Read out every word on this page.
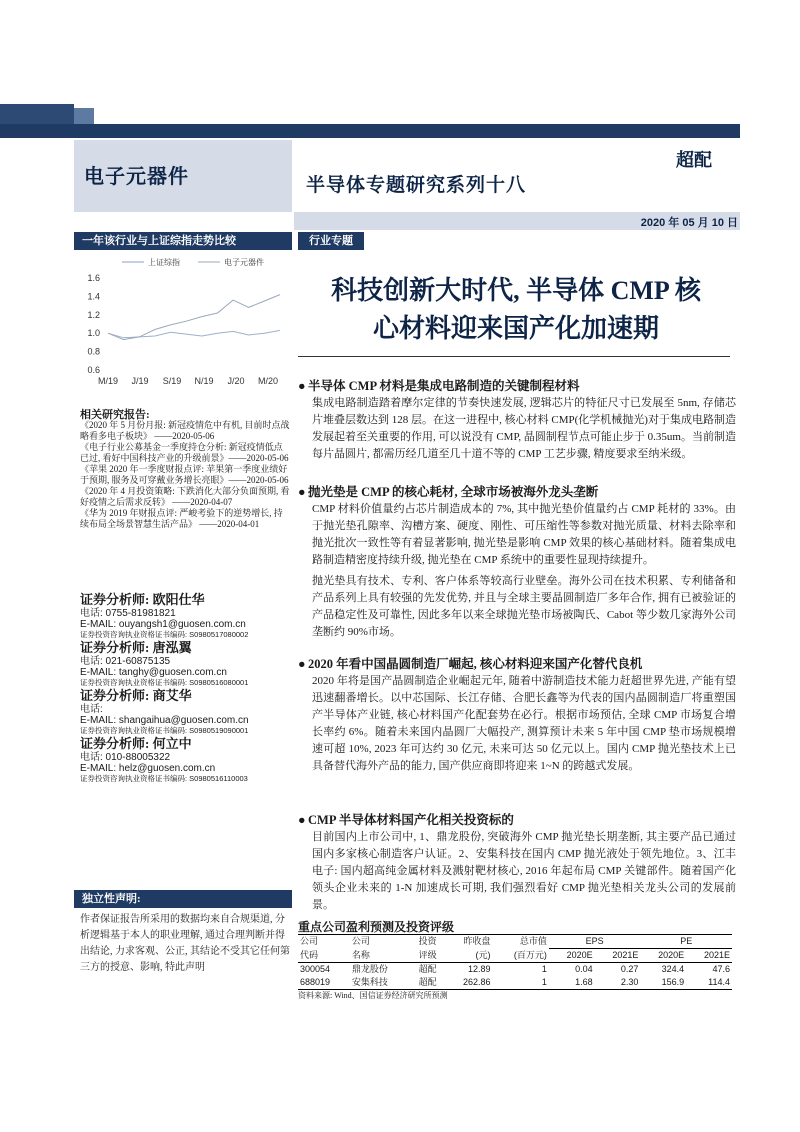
电子元器件	半导体专题研究系列十八
超配
2020 年 05 月 10 日
一年该行业与上证综指走势比较
上证综指	电子元器件
1.6
1.4
1.2
1.0
0.8
0.6
M/19 J/19 S/19 N/19 J/20 M/20
相关研究报告:

《2020 年 5 月份月报: 新冠疫情危中有机, 目前时点战略看多电子板块》 ——2020-05-06

《电子行业公募基金一季度持仓分析: 新冠疫情低点已过, 看好中国科技产业的升级前景》——2020-05-06

《苹果 2020 年一季度财报点评: 苹果第一季度业绩好于预期, 服务及可穿戴业务增长亮眼》——2020-05-06

《2020 年 4 月投资策略: 下跌消化大部分负面预期, 看好疫情之后需求反转》 ——2020-04-07

《华为 2019 年财报点评: 严峻考验下的逆势增长, 持续布局全场景智慧生活产品》 ——2020-04-01

证券分析师: 欧阳仕华
电话: 0755-81981821
E-MAIL: ouyangsh1@guosen.com.cn
证券投资咨询执业资格证书编码: S0980517080002
证券分析师: 唐泓翼
电话: 021-60875135
E-MAIL: tanghy@guosen.com.cn
证券投资咨询执业资格证书编码: S0980516080001
证券分析师: 商艾华
电话:
E-MAIL: shangaihua@guosen.com.cn
证券投资咨询执业资格证书编码: S0980519090001
证券分析师: 何立中
电话: 010-88005322
E-MAIL: helz@guosen.com.cn
证券投资咨询执业资格证书编码: S0980516110003
独立性声明:
作者保证报告所采用的数据均来自合规渠道, 分析逻辑基于本人的职业理解, 通过合理判断并得出结论, 力求客观、公正, 其结论不受其它任何第三方的授意、影响, 特此声明
行业专题
科技创新大时代, 半导体 CMP 核
心材料迎来国产化加速期
● 半导体 CMP 材料是集成电路制造的关键制程材料

集成电路制造踏着摩尔定律的节奏快速发展, 逻辑芯片的特征尺寸已发展至 5nm, 存储芯片堆叠层数达到 128 层。在这一进程中, 核心材料 CMP(化学机械抛光)对于集成电路制造发展起着至关重要的作用, 可以说没有 CMP, 晶圆制程节点可能止步于 0.35um。当前制造每片晶圆片, 都需历经几道至几十道不等的 CMP 工艺步骤, 精度要求至纳米级。

● 抛光垫是 CMP 的核心耗材, 全球市场被海外龙头垄断

CMP 材料价值量约占芯片制造成本的 7%, 其中抛光垫价值量约占 CMP 耗材的 33%。由于抛光垫孔隙率、沟槽方案、硬度、刚性、可压缩性等参数对抛光质量、材料去除率和抛光批次一致性等有着显著影响, 抛光垫是影响 CMP 效果的核心基础材料。随着集成电路制造精密度持续升级, 抛光垫在 CMP 系统中的重要性显现持续提升。

抛光垫具有技术、专利、客户体系等较高行业壁垒。海外公司在技术积累、专利储备和产品系列上具有较强的先发优势, 并且与全球主要晶圆制造厂多年合作, 拥有已被验证的产品稳定性及可靠性, 因此多年以来全球抛光垫市场被陶氏、Cabot 等少数几家海外公司垄断约 90%市场。

● 2020 年看中国晶圆制造厂崛起, 核心材料迎来国产化替代良机

2020 年将是国产晶圆制造企业崛起元年, 随着中游制造技术能力赶超世界先进, 产能有望迅速翻番增长。以中芯国际、长江存储、合肥长鑫等为代表的国内晶圆制造厂将重塑国产半导体产业链, 核心材料国产化配套势在必行。根据市场预估, 全球 CMP 市场复合增长率约 6%。随着未来国内晶圆厂大幅投产, 测算预计未来 5 年中国 CMP 垫市场规模增速可超 10%, 2023 年可达约 30 亿元, 未来可达 50 亿元以上。国内 CMP 抛光垫技术上已具备替代海外产品的能力, 国产供应商即将迎来 1~N 的跨越式发展。

● CMP 半导体材料国产化相关投资标的

目前国内上市公司中, 1、鼎龙股份, 突破海外 CMP 抛光垫长期垄断, 其主要产品已通过国内多家核心制造客户认证。2、安集科技在国内 CMP 抛光液处于领先地位。3、江丰电子: 国内超高纯金属材料及溅射靶材核心, 2016 年起布局 CMP 关键部件。随着国产化领头企业未来的 1-N 加速成长可期, 我们强烈看好 CMP 抛光垫相关龙头公司的发展前景。

重点公司盈利预测及投资评级
公司	公司	投资	昨收盘	总市值	EPS		PE	
代码	名称	评级	(元)	(百万元)	2020E	2021E	2020E	2021E
300054	鼎龙股份	超配	12.89	1	0.04	0.27	324.4	47.6
688019	安集科技	超配	262.86	1	1.68	2.30	156.9	114.4
资料来源: Wind、国信证券经济研究所预测
